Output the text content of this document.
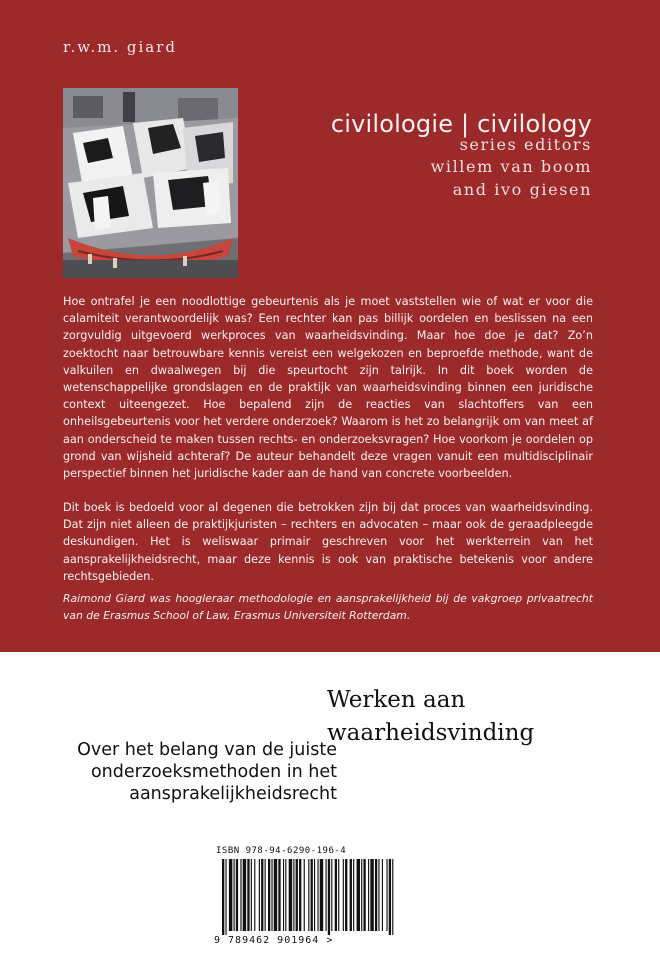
r.w.m. giard
civilologie | civilology
series editors
willem van boom
and ivo giesen
Hoe ontrafel je een noodlottige gebeurtenis als je moet vaststellen wie of wat er voor die calamiteit verantwoordelijk was? Een rechter kan pas billijk oordelen en beslissen na een zorgvuldig uitgevoerd werkproces van waarheidsvinding. Maar hoe doe je dat? Zo’n zoektocht naar betrouwbare kennis vereist een welgekozen en beproefde methode, want de valkuilen en dwaalwegen bij die speurtocht zijn talrijk. In dit boek worden de wetenschappelijke grondslagen en de praktijk van waarheidsvinding binnen een juridische context uiteengezet. Hoe bepalend zijn de reacties van slachtoffers van een onheilsgebeurtenis voor het verdere onderzoek? Waarom is het zo belangrijk om van meet af aan onderscheid te maken tussen rechts- en onderzoeksvragen? Hoe voorkom je oordelen op grond van wijsheid achteraf? De auteur behandelt deze vragen vanuit een multidisciplinair perspectief binnen het juridische kader aan de hand van concrete voorbeelden.
Dit boek is bedoeld voor al degenen die betrokken zijn bij dat proces van waarheidsvinding. Dat zijn niet alleen de praktijkjuristen – rechters en advocaten – maar ook de geraadpleegde deskundigen. Het is weliswaar primair geschreven voor het werkterrein van het aansprakelijkheidsrecht, maar deze kennis is ook van praktische betekenis voor andere rechtsgebieden.
Raimond Giard was hoogleraar methodologie en aansprakelijkheid bij de vakgroep privaatrecht van de Erasmus School of Law, Erasmus Universiteit Rotterdam.
Werken aan waarheidsvinding
Over het belang van de juiste onderzoeksmethoden in het aansprakelijkheidsrecht
ISBN 978-94-6290-196-4
9 789462 901964 >
